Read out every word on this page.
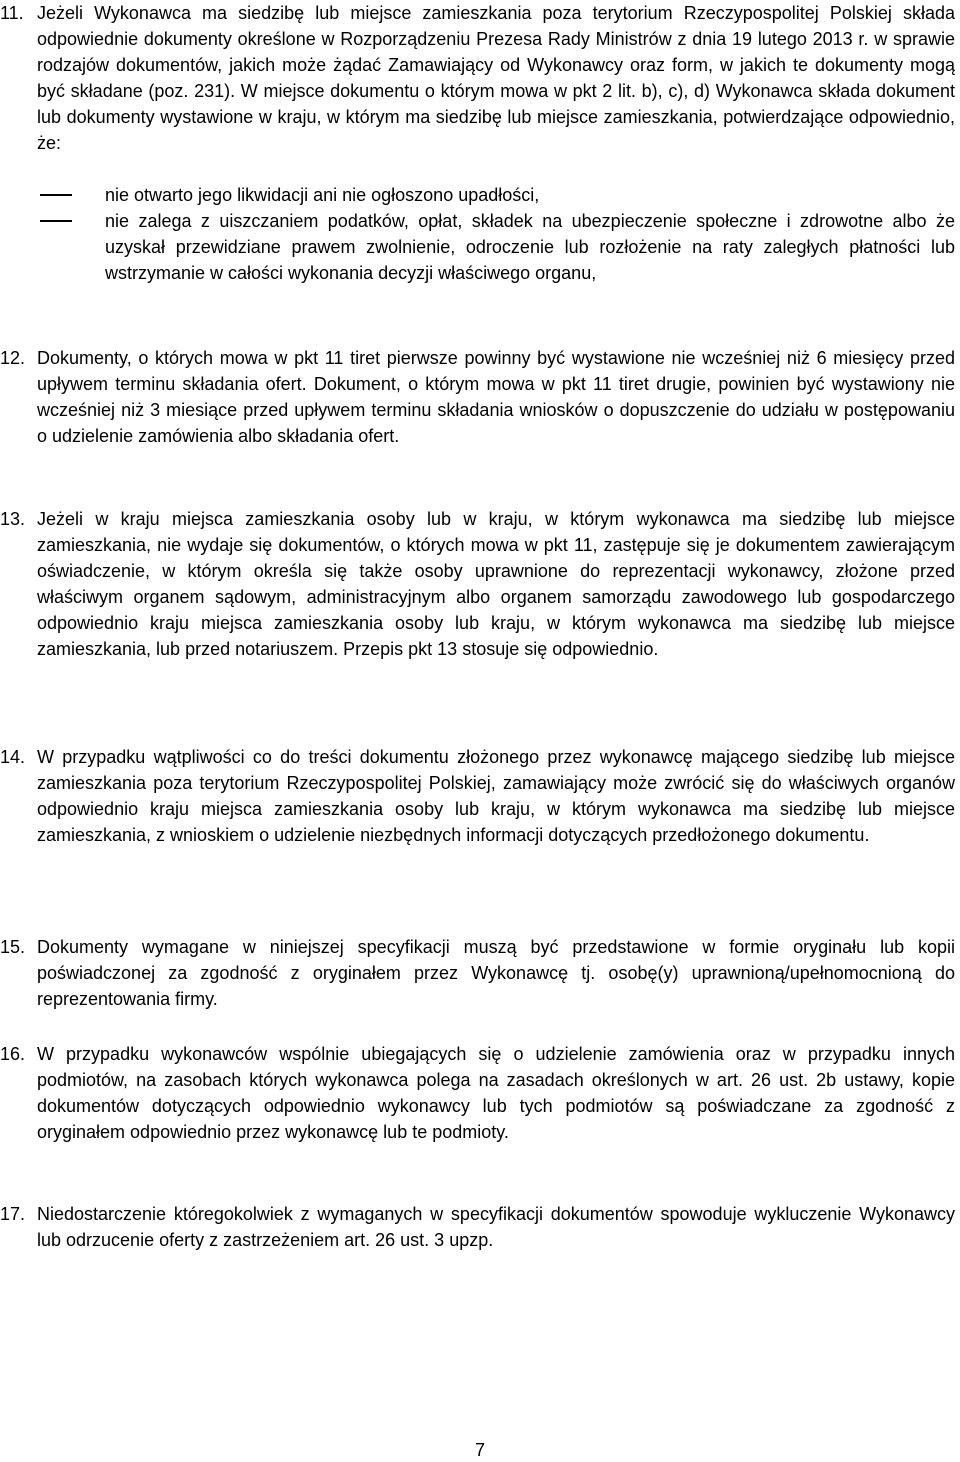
11. Jeżeli Wykonawca ma siedzibę lub miejsce zamieszkania poza terytorium Rzeczypospolitej Polskiej składa odpowiednie dokumenty określone w Rozporządzeniu Prezesa Rady Ministrów z dnia 19 lutego 2013 r. w sprawie rodzajów dokumentów, jakich może żądać Zamawiający od Wykonawcy oraz form, w jakich te dokumenty mogą być składane (poz. 231). W miejsce dokumentu o którym mowa w pkt 2 lit. b), c), d) Wykonawca składa dokument lub dokumenty wystawione w kraju, w którym ma siedzibę lub miejsce zamieszkania, potwierdzające odpowiednio, że:
nie otwarto jego likwidacji ani nie ogłoszono upadłości,
nie zalega z uiszczaniem podatków, opłat, składek na ubezpieczenie społeczne i zdrowotne albo że uzyskał przewidziane prawem zwolnienie, odroczenie lub rozłożenie na raty zaległych płatności lub wstrzymanie w całości wykonania decyzji właściwego organu,
12. Dokumenty, o których mowa w pkt 11 tiret pierwsze powinny być wystawione nie wcześniej niż 6 miesięcy przed upływem terminu składania ofert. Dokument, o którym mowa w pkt 11 tiret drugie, powinien być wystawiony nie wcześniej niż 3 miesiące przed upływem terminu składania wniosków o dopuszczenie do udziału w postępowaniu o udzielenie zamówienia albo składania ofert.
13. Jeżeli w kraju miejsca zamieszkania osoby lub w kraju, w którym wykonawca ma siedzibę lub miejsce zamieszkania, nie wydaje się dokumentów, o których mowa w pkt 11, zastępuje się je dokumentem zawierającym oświadczenie, w którym określa się także osoby uprawnione do reprezentacji wykonawcy, złożone przed właściwym organem sądowym, administracyjnym albo organem samorządu zawodowego lub gospodarczego odpowiednio kraju miejsca zamieszkania osoby lub kraju, w którym wykonawca ma siedzibę lub miejsce zamieszkania, lub przed notariuszem. Przepis pkt 13 stosuje się odpowiednio.
14. W przypadku wątpliwości co do treści dokumentu złożonego przez wykonawcę mającego siedzibę lub miejsce zamieszkania poza terytorium Rzeczypospolitej Polskiej, zamawiający może zwrócić się do właściwych organów odpowiednio kraju miejsca zamieszkania osoby lub kraju, w którym wykonawca ma siedzibę lub miejsce zamieszkania, z wnioskiem o udzielenie niezbędnych informacji dotyczących przedłożonego dokumentu.
15. Dokumenty wymagane w niniejszej specyfikacji muszą być przedstawione w formie oryginału lub kopii poświadczonej za zgodność z oryginałem przez Wykonawcę tj. osobę(y) uprawnioną/upełnomocnioną do reprezentowania firmy.
16. W przypadku wykonawców wspólnie ubiegających się o udzielenie zamówienia oraz w przypadku innych podmiotów, na zasobach których wykonawca polega na zasadach określonych w art. 26 ust. 2b ustawy, kopie dokumentów dotyczących odpowiednio wykonawcy lub tych podmiotów są poświadczane za zgodność z oryginałem odpowiednio przez wykonawcę lub te podmioty.
17. Niedostarczenie któregokolwiek z wymaganych w specyfikacji dokumentów spowoduje wykluczenie Wykonawcy lub odrzucenie oferty z zastrzeżeniem art. 26 ust. 3 upzp.
7
